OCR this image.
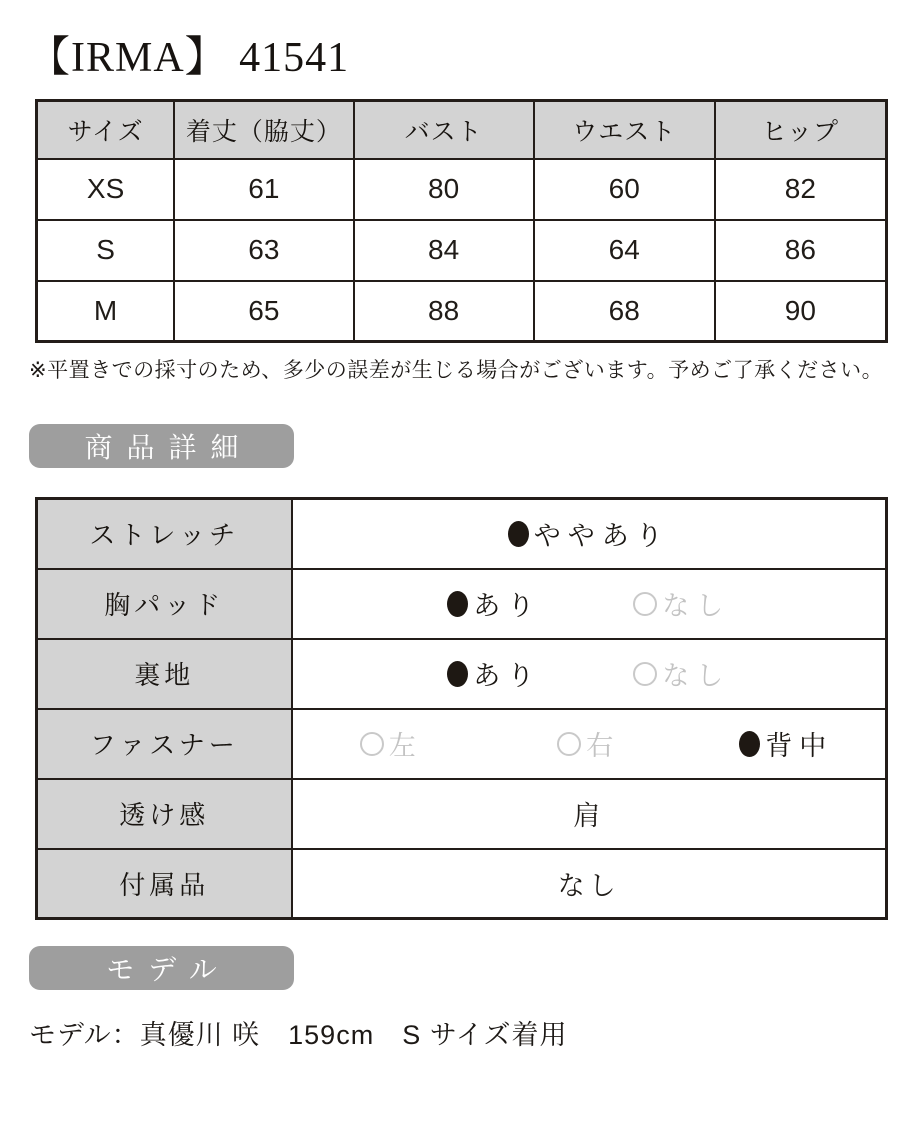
【IRMA】 41541
サイズ	着丈（脇丈）	バスト	ウエスト	ヒップ
XS	61	80	60	82
S	63	84	64	86
M	65	88	68	90

※平置きでの採寸のため、多少の誤差が生じる場合がございます。予めご了承ください。

商品詳細
ストレッチ	ややあり

胸パッド	あり なし

裏地	あり なし

ファスナー	左 右 背中

透け感	肩

付属品	なし
モデル

モデル：真優川 咲　159cm　S サイズ着用
